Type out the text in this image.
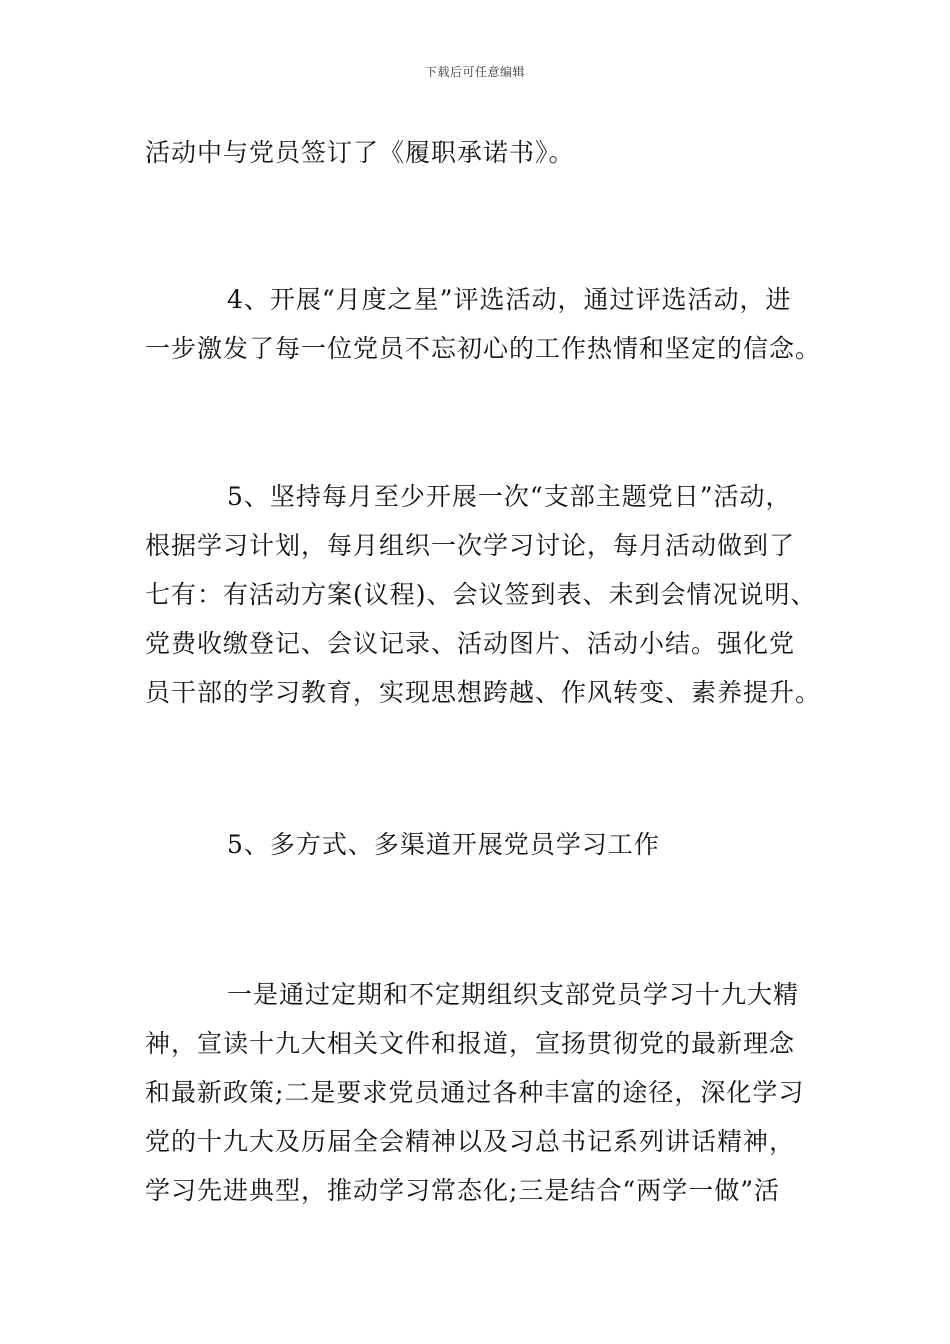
下载后可任意编辑
活动中与党员签订了《履职承诺书》。
4、开展“月度之星”评选活动，通过评选活动，进
一步激发了每一位党员不忘初心的工作热情和坚定的信念。
5、坚持每月至少开展一次“支部主题党日”活动，
根据学习计划，每月组织一次学习讨论，每月活动做到了
七有：有活动方案(议程)、会议签到表、未到会情况说明、
党费收缴登记、会议记录、活动图片、活动小结。强化党
员干部的学习教育，实现思想跨越、作风转变、素养提升。
5、多方式、多渠道开展党员学习工作
一是通过定期和不定期组织支部党员学习十九大精
神，宣读十九大相关文件和报道，宣扬贯彻党的最新理念
和最新政策;二是要求党员通过各种丰富的途径，深化学习
党的十九大及历届全会精神以及习总书记系列讲话精神，
学习先进典型，推动学习常态化;三是结合“两学一做”活
